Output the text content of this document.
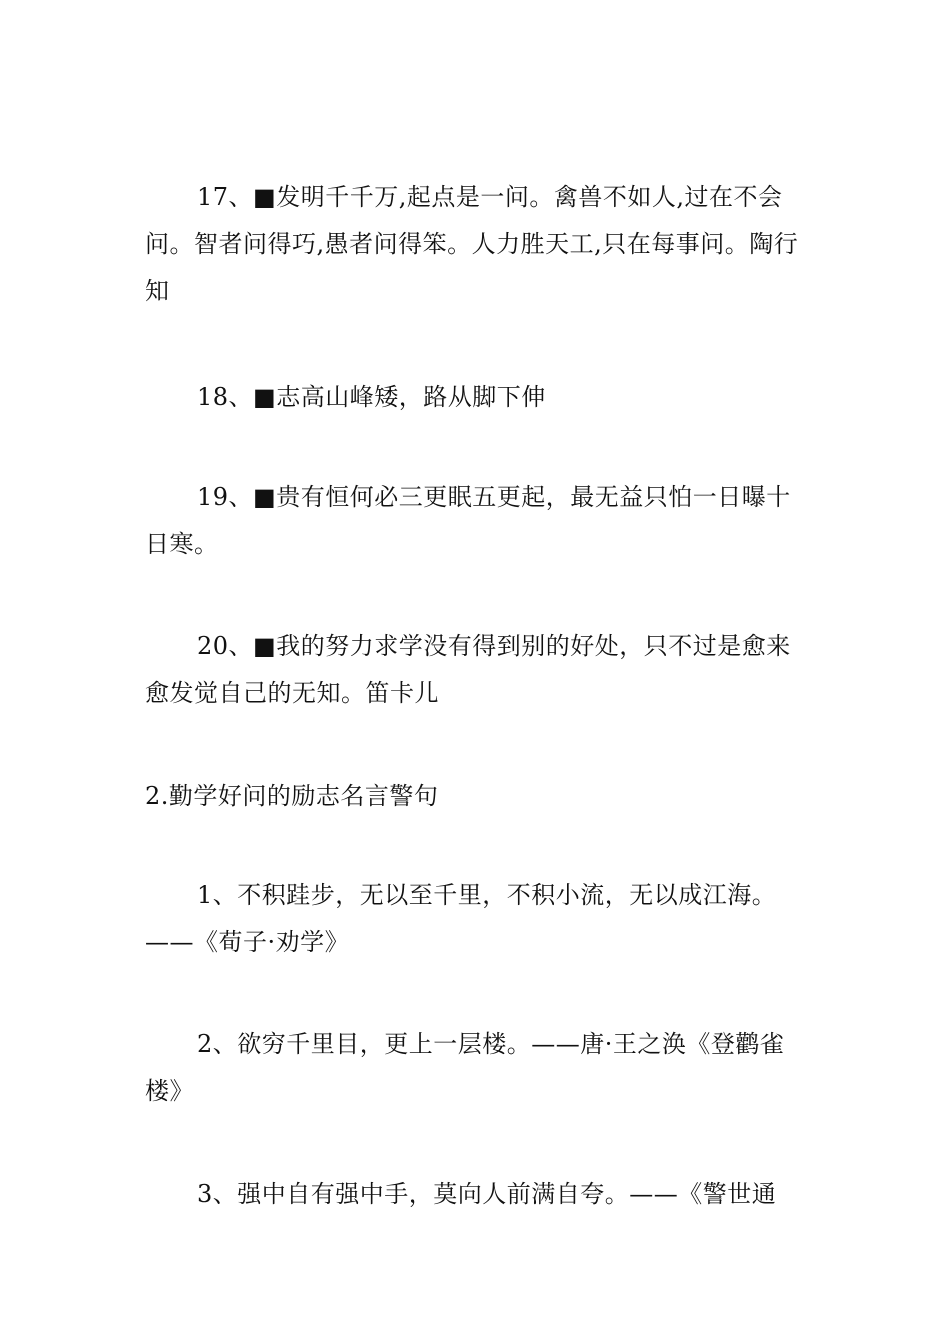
17、■发明千千万,起点是一问。禽兽不如人,过在不会问。智者问得巧,愚者问得笨。人力胜天工,只在每事问。陶行知

18、■志高山峰矮，路从脚下伸

19、■贵有恒何必三更眠五更起，最无益只怕一日曝十日寒。

20、■我的努力求学没有得到别的好处，只不过是愈来愈发觉自己的无知。笛卡儿

2.勤学好问的励志名言警句

1、不积跬步，无以至千里，不积小流，无以成江海。——《荀子·劝学》

2、欲穷千里目，更上一层楼。——唐·王之涣《登鹳雀楼》

3、强中自有强中手，莫向人前满自夸。——《警世通
